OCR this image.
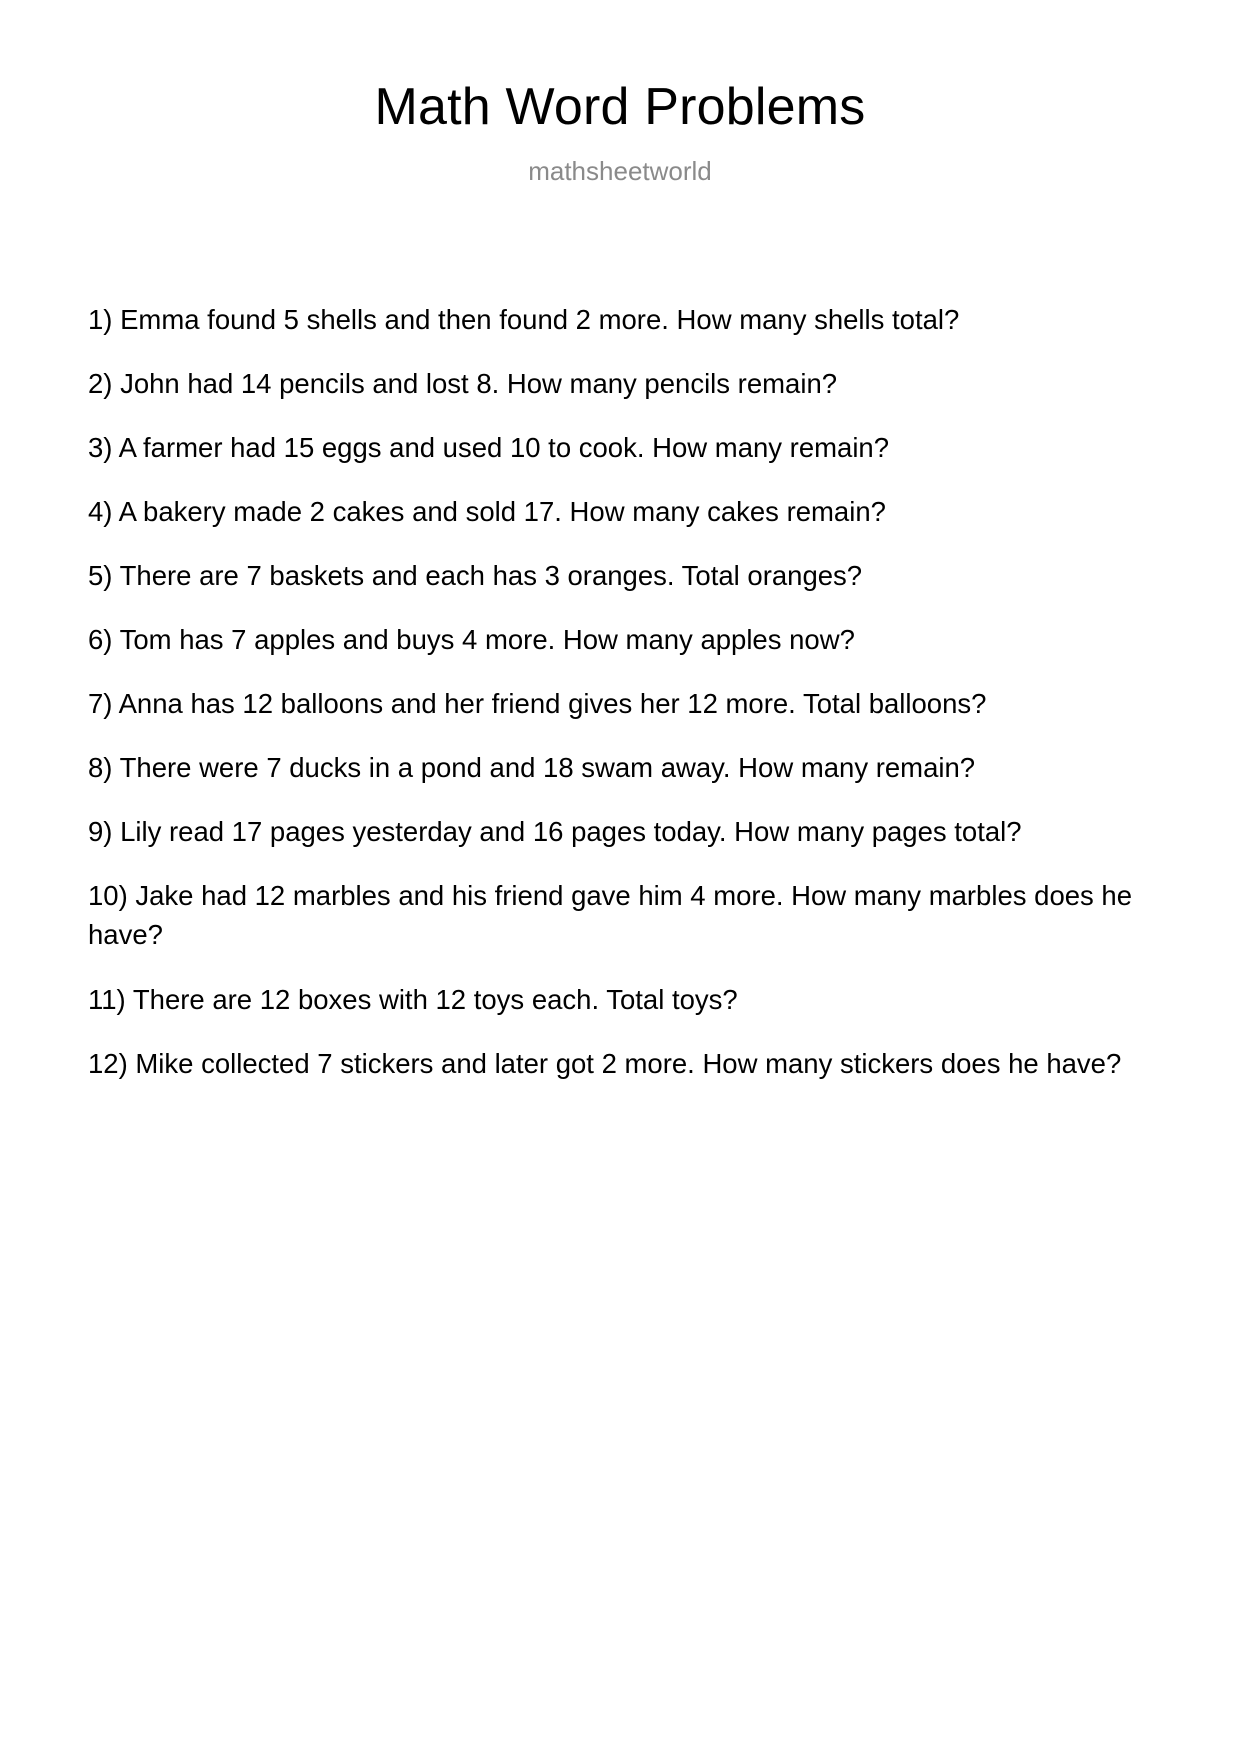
Math Word Problems
mathsheetworld
1) Emma found 5 shells and then found 2 more. How many shells total?
2) John had 14 pencils and lost 8. How many pencils remain?
3) A farmer had 15 eggs and used 10 to cook. How many remain?
4) A bakery made 2 cakes and sold 17. How many cakes remain?
5) There are 7 baskets and each has 3 oranges. Total oranges?
6) Tom has 7 apples and buys 4 more. How many apples now?
7) Anna has 12 balloons and her friend gives her 12 more. Total balloons?
8) There were 7 ducks in a pond and 18 swam away. How many remain?
9) Lily read 17 pages yesterday and 16 pages today. How many pages total?
10) Jake had 12 marbles and his friend gave him 4 more. How many marbles does he have?
11) There are 12 boxes with 12 toys each. Total toys?
12) Mike collected 7 stickers and later got 2 more. How many stickers does he have?
